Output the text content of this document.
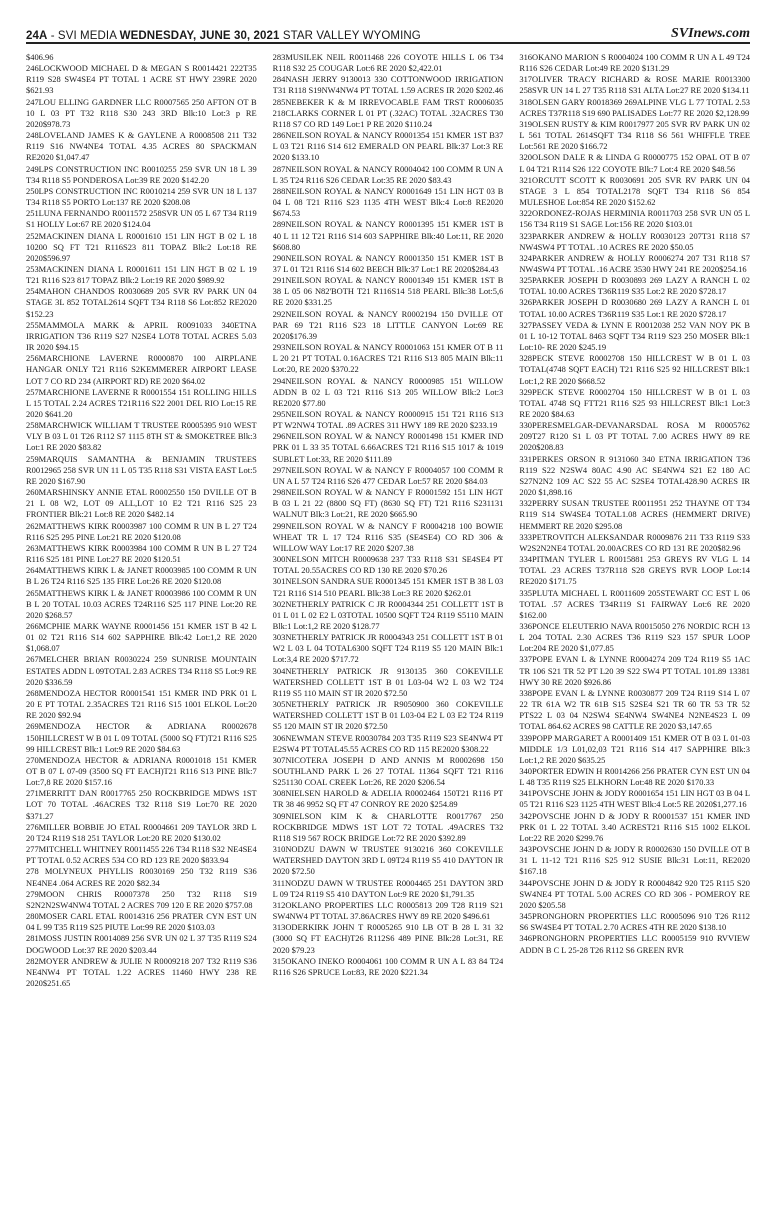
24A - SVI MEDIA WEDNESDAY, JUNE 30, 2021 STAR VALLEY WYOMING	SVInews.com

$406.96

246LOCKWOOD MICHAEL D & MEGAN S R0014421 222T35 R119 S28 SW4SE4 PT TOTAL 1 ACRE ST HWY 239RE 2020 $621.93

247LOU ELLING GARDNER LLC R0007565 250 AFTON OT B 10 L 03 PT T32 R118 S30 243 3RD Blk:10 Lot:3 p RE 2020$978.73

248LOVELAND JAMES K & GAYLENE A R0008508 211 T32 R119 S16 NW4NE4 TOTAL 4.35 ACRES 80 SPACKMAN RE2020 $1,047.47

249LPS CONSTRUCTION INC R0010255 259 SVR UN 18 L 39 T34 R118 S5 PONDEROSA Lot:39 RE 2020 $142.20

250LPS CONSTRUCTION INC R0010214 259 SVR UN 18 L 137 T34 R118 S5 PORTO Lot:137 RE 2020 $208.08

251LUNA FERNANDO R0011572 258SVR UN 05 L 67 T34 R119 S1 HOLLY Lot:67 RE 2020 $124.04

252MACKINEN DIANA L R0001610 151 LIN HGT B 02 L 18 10200 SQ FT T21 R116S23 811 TOPAZ Blk:2 Lot:18 RE 2020$596.97

253MACKINEN DIANA L R0001611 151 LIN HGT B 02 L 19 T21 R116 S23 817 TOPAZ Blk:2 Lot:19 RE 2020 $989.92

254MAHON CHANDOS R0030689 205 SVR RV PARK UN 04 STAGE 3L 852 TOTAL2614 SQFT T34 R118 S6 Lot:852 RE2020 $152.23

255MAMMOLA MARK & APRIL R0091033 340ETNA IRRIGATION T36 R119 S27 N2SE4 LOT8 TOTAL ACRES 5.03 IR 2020 $94.15

256MARCHIONE LAVERNE R0000870 100 AIRPLANE HANGAR ONLY T21 R116 S2KEMMERER AIRPORT LEASE LOT 7 CO RD 234 (AIRPORT RD) RE 2020 $64.02

257MARCHIONE LAVERNE R R0001554 151 ROLLING HILLS L 15 TOTAL 2.24 ACRES T21R116 S22 2001 DEL RIO Lot:15 RE 2020 $641.20

258MARCHWICK WILLIAM T TRUSTEE R0005395 910 WEST VLY B 03 L 01 T26 R112 S7 1115 8TH ST & SMOKETREE Blk:3 Lot:1 RE 2020 $83.82

259MARQUIS SAMANTHA & BENJAMIN TRUSTEES R0012965 258 SVR UN 11 L 05 T35 R118 S31 VISTA EAST Lot:5 RE 2020 $167.90

260MARSHINSKY ANNIE ETAL R0002550 150 DVILLE OT B 21 L 08 W2, LOT 09 ALL,LOT 10 E2 T21 R116 S25 23 FRONTIER Blk:21 Lot:8 RE 2020 $482.14

262MATTHEWS KIRK R0003987 100 COMM R UN B L 27 T24 R116 S25 295 PINE Lot:21 RE 2020 $120.08

263MATTHEWS KIRK R0003984 100 COMM R UN B L 27 T24 R116 S25 181 PINE Lot:27 RE 2020 $120.51

264MATTHEWS KIRK L & JANET R0003985 100 COMM R UN B L 26 T24 R116 S25 135 FIRE Lot:26 RE 2020 $120.08

265MATTHEWS KIRK L & JANET R0003986 100 COMM R UN B L 20 TOTAL 10.03 ACRES T24R116 S25 117 PINE Lot:20 RE 2020 $268.57

266MCPHIE MARK WAYNE R0001456 151 KMER 1ST B 42 L 01 02 T21 R116 S14 602 SAPPHIRE Blk:42 Lot:1,2 RE 2020 $1,068.07

267MELCHER BRIAN R0030224 259 SUNRISE MOUNTAIN ESTATES ADDN L 09TOTAL 2.83 ACRES T34 R118 S5 Lot:9 RE 2020 $336.59

268MENDOZA HECTOR R0001541 151 KMER IND PRK 01 L 20 E PT TOTAL 2.35ACRES T21 R116 S15 1001 ELKOL Lot:20 RE 2020 $92.94

269MENDOZA HECTOR & ADRIANA R0002678 150HILLCREST W B 01 L 09 TOTAL (5000 SQ FT)T21 R116 S25 99 HILLCREST Blk:1 Lot:9 RE 2020 $84.63

270MENDOZA HECTOR & ADRIANA R0001018 151 KMER OT B 07 L 07-09 (3500 SQ FT EACH)T21 R116 S13 PINE Blk:7 Lot:7,8 RE 2020 $157.16

271MERRITT DAN R0017765 250 ROCKBRIDGE MDWS 1ST LOT 70 TOTAL .46ACRES T32 R118 S19 Lot:70 RE 2020 $371.27

276MILLER BOBBIE JO ETAL R0004661 209 TAYLOR 3RD L 20 T24 R119 S18 251 TAYLOR Lot:20 RE 2020 $130.02

277MITCHELL WHITNEY R0011455 226 T34 R118 S32 NE4SE4 PT TOTAL 0.52 ACRES 534 CO RD 123 RE 2020 $833.94

278 MOLYNEUX PHYLLIS R0030169 250 T32 R119 S36 NE4NE4 .064 ACRES RE 2020 $82.34

279MOON CHRIS R0007378 250 T32 R118 S19 S2N2N2SW4NW4 TOTAL 2 ACRES 709 120 E RE 2020 $757.08

280MOSER CARL ETAL R0014316 256 PRATER CYN EST UN 04 L 99 T35 R119 S25 PIUTE Lot:99 RE 2020 $103.03

281MOSS JUSTIN R0014089 256 SVR UN 02 L 37 T35 R119 S24 DOGWOOD Lot:37 RE 2020 $203.44

282MOYER ANDREW & JULIE N R0009218 207 T32 R119 S36 NE4NW4 PT TOTAL 1.22 ACRES 11460 HWY 238 RE 2020$251.65

283MUSILEK NEIL R0011468 226 COYOTE HILLS L 06 T34 R118 S32 25 COUGAR Lot:6 RE 2020 $2,422.01

284NASH JERRY 9130013 330 COTTONWOOD IRRIGATION T31 R118 S19NW4NW4 PT TOTAL 1.59 ACRES IR 2020 $202.46

285NEBEKER K & M IRREVOCABLE FAM TRST R0006035 218CLARKS CORNER L 01 PT (.32AC) TOTAL .32ACRES T30 R118 S7 CO RD 149 Lot:1 P RE 2020 $110.24

286NEILSON ROYAL & NANCY R0001354 151 KMER 1ST B37 L 03 T21 R116 S14 612 EMERALD ON PEARL Blk:37 Lot:3 RE 2020 $133.10

287NEILSON ROYAL & NANCY R0004042 100 COMM R UN A L 35 T24 R116 S26 CEDAR Lot:35 RE 2020 $83.43

288NEILSON ROYAL & NANCY R0001649 151 LIN HGT 03 B 04 L 08 T21 R116 S23 1135 4TH WEST Blk:4 Lot:8 RE2020 $674.53

289NEILSON ROYAL & NANCY R0001395 151 KMER 1ST B 40 L 11 12 T21 R116 S14 603 SAPPHIRE Blk:40 Lot:11, RE 2020 $608.80

290NEILSON ROYAL & NANCY R0001350 151 KMER 1ST B 37 L 01 T21 R116 S14 602 BEECH Blk:37 Lot:1 RE 2020$284.43

291NEILSON ROYAL & NANCY R0001349 151 KMER 1ST B 38 L 05 06 N82'BOTH T21 R116S14 518 PEARL Blk:38 Lot:5,6 RE 2020 $331.25

292NEILSON ROYAL & NANCY R0002194 150 DVILLE OT PAR 69 T21 R116 S23 18 LITTLE CANYON Lot:69 RE 2020$176.39

293NEILSON ROYAL & NANCY R0001063 151 KMER OT B 11 L 20 21 PT TOTAL 0.16ACRES T21 R116 S13 805 MAIN Blk:11 Lot:20, RE 2020 $370.22

294NEILSON ROYAL & NANCY R0000985 151 WILLOW ADDN B 02 L 03 T21 R116 S13 205 WILLOW Blk:2 Lot:3 RE2020 $77.80

295NEILSON ROYAL & NANCY R0000915 151 T21 R116 S13 PT W2NW4 TOTAL .89 ACRES 311 HWY 189 RE 2020 $233.19

296NEILSON ROYAL W & NANCY R0001498 151 KMER IND PRK 01 L 33 35 TOTAL 6.66ACRES T21 R116 S15 1017 & 1019 SUBLET Lot:33, RE 2020 $111.89

297NEILSON ROYAL W & NANCY F R0004057 100 COMM R UN A L 57 T24 R116 S26 477 CEDAR Lot:57 RE 2020 $84.03

298NEILSON ROYAL W & NANCY F R0001592 151 LIN HGT B 03 L 21 22 (8800 SQ FT) (8630 SQ FT) T21 R116 S231131 WALNUT Blk:3 Lot:21, RE 2020 $665.90

299NEILSON ROYAL W & NANCY F R0004218 100 BOWIE WHEAT TR L 17 T24 R116 S35 (SE4SE4) CO RD 306 & WILLOW WAY Lot:17 RE 2020 $207.38

300NELSON MITCH R0009638 237 T33 R118 S31 SE4SE4 PT TOTAL 20.55ACRES CO RD 130 RE 2020 $70.26

301NELSON SANDRA SUE R0001345 151 KMER 1ST B 38 L 03 T21 R116 S14 510 PEARL Blk:38 Lot:3 RE 2020 $262.01

302NETHERLY PATRICK C JR R0004344 251 COLLETT 1ST B 01 L 01 L 02 E2 L 03TOTAL 10500 SQFT T24 R119 S5110 MAIN Blk:1 Lot:1,2 RE 2020 $128.77

303NETHERLY PATRICK JR R0004343 251 COLLETT 1ST B 01 W2 L 03 L 04 TOTAL6300 SQFT T24 R119 S5 120 MAIN Blk:1 Lot:3,4 RE 2020 $717.72

304NETHERLY PATRICK JR 9130135 360 COKEVILLE WATERSHED COLLETT 1ST B 01 L03-04 W2 L 03 W2 T24 R119 S5 110 MAIN ST IR 2020 $72.50

305NETHERLY PATRICK JR R9050900 360 COKEVILLE WATERSHED COLLETT 1ST B 01 L03-04 E2 L 03 E2 T24 R119 S5 120 MAIN ST IR 2020 $72.50

306NEWMAN STEVE R0030784 203 T35 R119 S23 SE4NW4 PT E2SW4 PT TOTAL45.55 ACRES CO RD 115 RE2020 $308.22

307NICOTERA JOSEPH D AND ANNIS M R0002698 150 SOUTHLAND PARK L 26 27 TOTAL 11364 SQFT T21 R116 S251130 COAL CREEK Lot:26, RE 2020 $206.54

308NIELSEN HAROLD & ADELIA R0002464 150T21 R116 PT TR 38 46 9952 SQ FT 47 CONROY RE 2020 $254.89

309NIELSON KIM K & CHARLOTTE R0017767 250 ROCKBRIDGE MDWS 1ST LOT 72 TOTAL .49ACRES T32 R118 S19 567 ROCK BRIDGE Lot:72 RE 2020 $392.89

310NODZU DAWN W TRUSTEE 9130216 360 COKEVILLE WATERSHED DAYTON 3RD L 09T24 R119 S5 410 DAYTON IR 2020 $72.50

311NODZU DAWN W TRUSTEE R0004465 251 DAYTON 3RD L 09 T24 R119 S5 410 DAYTON Lot:9 RE 2020 $1,791.35

312OKLANO PROPERTIES LLC R0005813 209 T28 R119 S21 SW4NW4 PT TOTAL 37.86ACRES HWY 89 RE 2020 $496.61

313ODERKIRK JOHN T R0005265 910 LB OT B 28 L 31 32 (3000 SQ FT EACH)T26 R112S6 489 PINE Blk:28 Lot:31, RE 2020 $79.23

315OKANO INEKO R0004061 100 COMM R UN A L 83 84 T24 R116 S26 SPRUCE Lot:83, RE 2020 $221.34

316OKANO MARION S R0004024 100 COMM R UN A L 49 T24 R116 S26 CEDAR Lot:49 RE 2020 $131.29

317OLIVER TRACY RICHARD & ROSE MARIE R0013300 258SVR UN 14 L 27 T35 R118 S31 ALTA Lot:27 RE 2020 $134.11

318OLSEN GARY R0018369 269ALPINE VLG L 77 TOTAL 2.53 ACRES T37R118 S19 690 PALISADES Lot:77 RE 2020 $2,128.99

319OLSEN RUSTY & KIM R0017977 205 SVR RV PARK UN 02 L 561 TOTAL 2614SQFT T34 R118 S6 561 WHIFFLE TREE Lot:561 RE 2020 $166.72

320OLSON DALE R & LINDA G R0000775 152 OPAL OT B 07 L 04 T21 R114 S26 122 COYOTE Blk:7 Lot:4 RE 2020 $48.56

321ORCUTT SCOTT K R0030691 205 SVR RV PARK UN 04 STAGE 3 L 854 TOTAL2178 SQFT T34 R118 S6 854 MULESHOE Lot:854 RE 2020 $152.62

322ORDONEZ-ROJAS HERMINIA R0011703 258 SVR UN 05 L 156 T34 R119 S1 SAGE Lot:156 RE 2020 $103.01

323PARKER ANDREW & HOLLY R0030123 207T31 R118 S7 NW4SW4 PT TOTAL .10 ACRES RE 2020 $50.05

324PARKER ANDREW & HOLLY R0006274 207 T31 R118 S7 NW4SW4 PT TOTAL .16 ACRE 3530 HWY 241 RE 2020$254.16

325PARKER JOSEPH D R0030893 269 LAZY A RANCH L 02 TOTAL 10.00 ACRES T36R119 S35 Lot:2 RE 2020 $728.17

326PARKER JOSEPH D R0030680 269 LAZY A RANCH L 01 TOTAL 10.00 ACRES T36R119 S35 Lot:1 RE 2020 $728.17

327PASSEY VEDA & LYNN E R0012038 252 VAN NOY PK B 01 L 10-12 TOTAL 8463 SQFT T34 R119 S23 250 MOSER Blk:1 Lot:10- RE 2020 $245.19

328PECK STEVE R0002708 150 HILLCREST W B 01 L 03 TOTAL(4748 SQFT EACH) T21 R116 S25 92 HILLCREST Blk:1 Lot:1,2 RE 2020 $668.52

329PECK STEVE R0002704 150 HILLCREST W B 01 L 03 TOTAL 4748 SQ FTT21 R116 S25 93 HILLCREST Blk:1 Lot:3 RE 2020 $84.63

330PERESMELGAR-DEVANARSDAL ROSA M R0005762 209T27 R120 S1 L 03 PT TOTAL 7.00 ACRES HWY 89 RE 2020$208.83

331PERKES ORSON R 9131060 340 ETNA IRRIGATION T36 R119 S22 N2SW4 80AC 4.90 AC SE4NW4 S21 E2 180 AC S27N2N2 109 AC S22 55 AC S2SE4 TOTAL428.90 ACRES IR 2020 $1,898.16

332PERRY SUSAN TRUSTEE R0011951 252 THAYNE OT T34 R119 S14 SW4SE4 TOTAL1.08 ACRES (HEMMERT DRIVE) HEMMERT RE 2020 $295.08

333PETROVITCH ALEKSANDAR R0009876 211 T33 R119 S33 W2S2N2NE4 TOTAL 20.00ACRES CO RD 131 RE 2020$82.96

334PITMAN TYLER L R0015881 253 GREYS RV VLG L 14 TOTAL .23 ACRES T37R118 S28 GREYS RVR LOOP Lot:14 RE2020 $171.75

335PLUTA MICHAEL L R0011609 205STEWART CC EST L 06 TOTAL .57 ACRES T34R119 S1 FAIRWAY Lot:6 RE 2020 $162.00

336PONCE ELEUTERIO NAVA R0015050 276 NORDIC RCH 13 L 204 TOTAL 2.30 ACRES T36 R119 S23 157 SPUR LOOP Lot:204 RE 2020 $1,077.85

337POPE EVAN L & LYNNE R0004274 209 T24 R119 S5 1AC TR 106 S21 TR 52 PT L20 39 S22 SW4 PT TOTAL 101.89 13381 HWY 30 RE 2020 $926.86

338POPE EVAN L & LYNNE R0030877 209 T24 R119 S14 L 07 22 TR 61A W2 TR 61B S15 S2SE4 S21 TR 60 TR 53 TR 52 PTS22 L 03 04 N2SW4 SE4NW4 SW4NE4 N2NE4S23 L 09 TOTAL 864.62 ACRES 98 CATTLE RE 2020 $3,147.65

339POPP MARGARET A R0001409 151 KMER OT B 03 L 01-03 MIDDLE 1/3 L01,02,03 T21 R116 S14 417 SAPPHIRE Blk:3 Lot:1,2 RE 2020 $635.25

340PORTER EDWIN H R0014266 256 PRATER CYN EST UN 04 L 48 T35 R119 S25 ELKHORN Lot:48 RE 2020 $170.33

341POVSCHE JOHN & JODY R0001654 151 LIN HGT 03 B 04 L 05 T21 R116 S23 1125 4TH WEST Blk:4 Lot:5 RE 2020$1,277.16

342POVSCHE JOHN D & JODY R R0001537 151 KMER IND PRK 01 L 22 TOTAL 3.40 ACREST21 R116 S15 1002 ELKOL Lot:22 RE 2020 $299.76

343POVSCHE JOHN D & JODY R R0002630 150 DVILLE OT B 31 L 11-12 T21 R116 S25 912 SUSIE Blk:31 Lot:11, RE2020 $167.18

344POVSCHE JOHN D & JODY R R0004842 920 T25 R115 S20 SW4NE4 PT TOTAL 5.00 ACRES CO RD 306 - POMEROY RE 2020 $205.58

345PRONGHORN PROPERTIES LLC R0005096 910 T26 R112 S6 SW4SE4 PT TOTAL 2.70 ACRES 4TH RE 2020 $138.10

346PRONGHORN PROPERTIES LLC R0005159 910 RVVIEW ADDN B C L 25-28 T26 R112 S6 GREEN RVR
